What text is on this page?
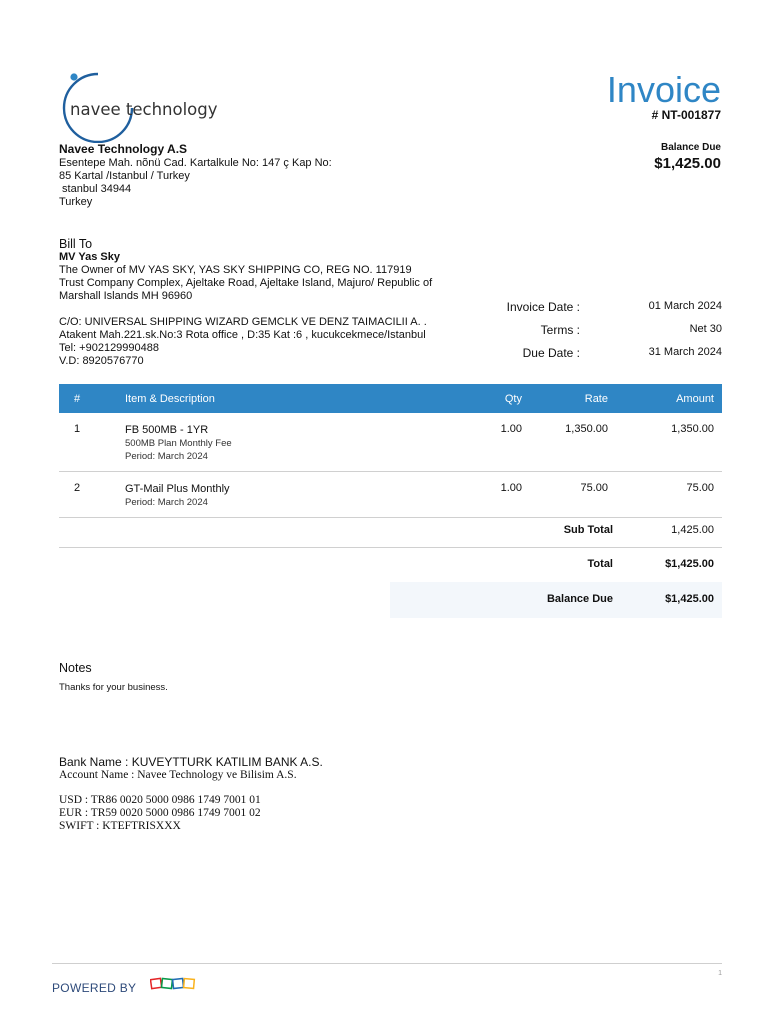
navee technology	Invoice
# NT-001877
Balance Due
$1,425.00
Navee Technology A.S
Esentepe Mah. nõnü Cad. Kartalkule No: 147 ç Kap No:
85 Kartal /Istanbul / Turkey
stanbul 34944
Turkey
Bill To
MV Yas Sky
The Owner of MV YAS SKY, YAS SKY SHIPPING CO, REG NO. 117919
Trust Company Complex, Ajeltake Road, Ajeltake Island, Majuro/ Republic of
Marshall Islands MH 96960
C/O: UNIVERSAL SHIPPING WIZARD GEMCLK VE DENZ TAIMACILII A. .
Atakent Mah.221.sk.No:3 Rota office , D:35 Kat :6 , kucukcekmece/Istanbul
Tel: +902129990488
V.D: 8920576770
Invoice Date :	01 March 2024
Terms :	Net 30
Due Date :	31 March 2024
#	Item & Description	Qty	Rate	Amount
1	FB 500MB - 1YR
500MB Plan Monthly Fee
Period: March 2024	1.00	1,350.00	1,350.00
2	GT-Mail Plus Monthly
Period: March 2024	1.00	75.00	75.00
Sub Total	1,425.00
Total	$1,425.00
Balance Due	$1,425.00
Notes
Thanks for your business.
Bank Name : KUVEYTTURK KATILIM BANK A.S.
Account Name : Navee Technology ve Bilisim A.S.
USD : TR86 0020 5000 0986 1749 7001 01
EUR : TR59 0020 5000 0986 1749 7001 02
SWIFT : KTEFTRISXXX
1
POWERED BY
